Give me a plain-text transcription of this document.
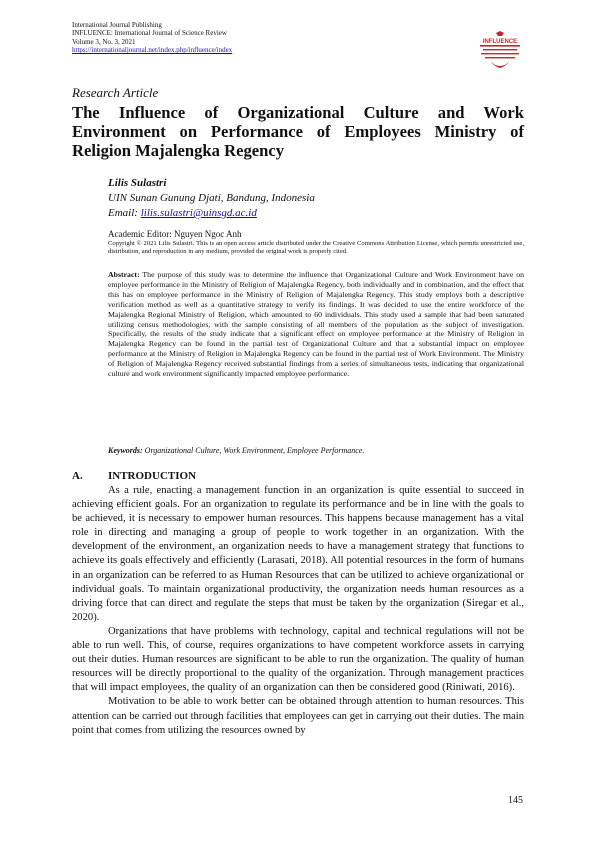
International Journal Publishing
INFLUENCE: International Journal of Science Review
Volume 3, No. 3, 2021
https://internationaljournal.net/index.php/influence/index
INFLUENCE
Research Article
The Influence of Organizational Culture and Work Environment on Performance of Employees Ministry of Religion Majalengka Regency
Lilis Sulastri
UIN Sunan Gunung Djati, Bandung, Indonesia
Email: lilis.sulastri@uinsgd.ac.id
Academic Editor: Nguyen Ngoc Anh
Copyright © 2021 Lilis Sulastri. This is an open access article distributed under the Creative Commons Attribution License, which permits unrestricted use, distribution, and reproduction in any medium, provided the original work is properly cited.
Abstract: The purpose of this study was to determine the influence that Organizational Culture and Work Environment have on employee performance in the Ministry of Religion of Majalengka Regency, both individually and in combination, and the effect that this has on employee performance in the Ministry of Religion of Majalengka Regency. This study employs both a descriptive verification method as well as a quantitative strategy to verify its findings. It was decided to use the entire workforce of the Majalengka Regional Ministry of Religion, which amounted to 60 individuals. This study used a sample that had been saturated utilizing census methodologies, with the sample consisting of all members of the population as the subject of investigation. Specifically, the results of the study indicate that a significant effect on employee performance at the Ministry of Religion in Majalengka Regency can be found in the partial test of Organizational Culture and that a substantial impact on employee performance at the Ministry of Religion in Majalengka Regency can be found in the partial test of Work Environment. The Ministry of Religion of Majalengka Regency received substantial findings from a series of simultaneous tests, indicating that organizational culture and work environment significantly impacted employee performance.
Keywords: Organizational Culture, Work Environment, Employee Performance.
A. INTRODUCTION

As a rule, enacting a management function in an organization is quite essential to succeed in achieving efficient goals. For an organization to regulate its performance and be in line with the goals to be achieved, it is necessary to empower human resources. This happens because management has a vital role in directing and managing a group of people to work together in an organization. With the development of the environment, an organization needs to have a management strategy that functions to achieve its goals effectively and efficiently (Larasati, 2018). All potential resources in the form of humans in an organization can be referred to as Human Resources that can be utilized to achieve organizational or individual goals. To maintain organizational productivity, the organization needs human resources as a driving force that can direct and regulate the steps that must be taken by the organization (Siregar et al., 2020).

Organizations that have problems with technology, capital and technical regulations will not be able to run well. This, of course, requires organizations to have competent workforce assets in carrying out their duties. Human resources are significant to be able to run the organization. The quality of human resources will be directly proportional to the quality of the organization. Through management practices that will impact employees, the quality of an organization can then be considered good (Riniwati, 2016).

Motivation to be able to work better can be obtained through attention to human resources. This attention can be carried out through facilities that employees can get in carrying out their duties. The main point that comes from utilizing the resources owned by

145
